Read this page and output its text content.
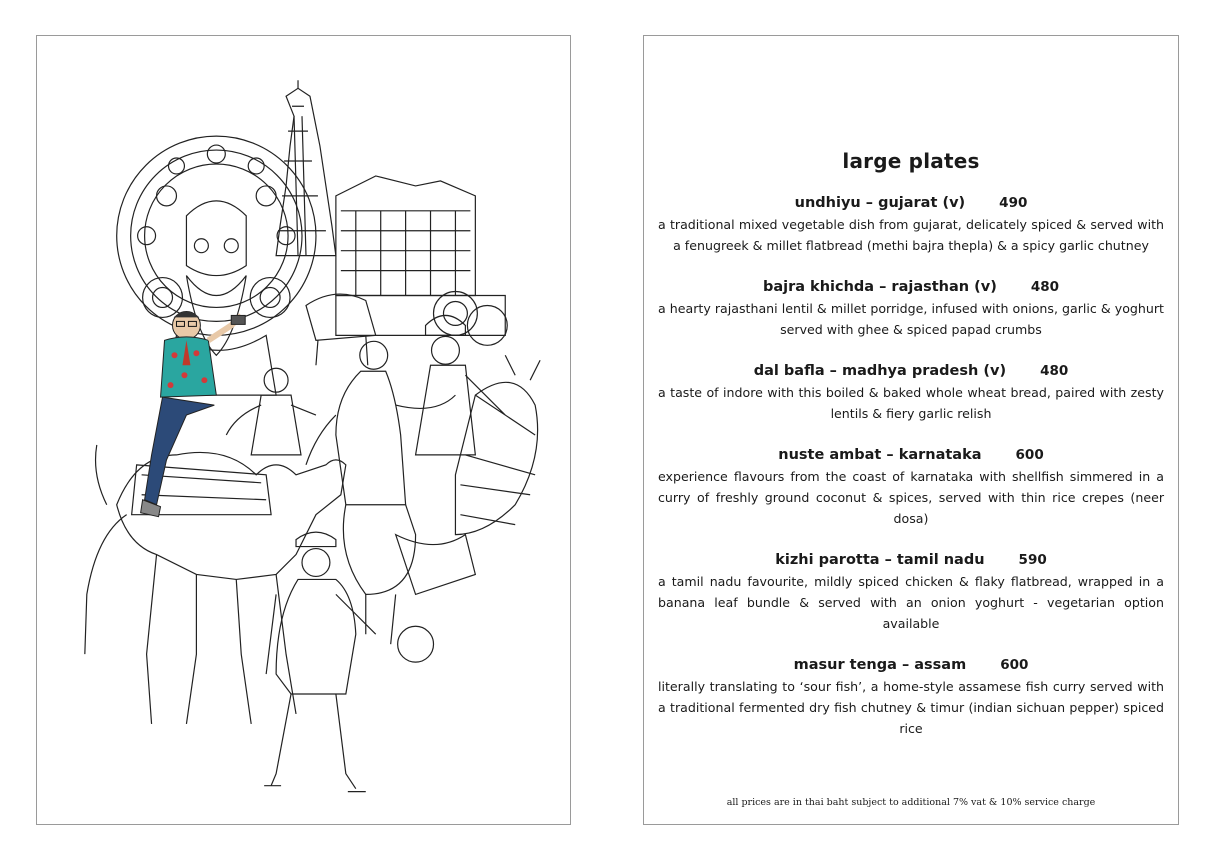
large plates
undhiyu – gujarat (v)	490
a traditional mixed vegetable dish from gujarat, delicately spiced & served with a fenugreek & millet flatbread (methi bajra thepla) & a spicy garlic chutney
bajra khichda – rajasthan (v)	480
a hearty rajasthani lentil & millet porridge, infused with onions, garlic & yoghurt served with ghee & spiced papad crumbs
dal bafla – madhya pradesh (v)	480
a taste of indore with this boiled & baked whole wheat bread, paired with zesty lentils & fiery garlic relish
nuste ambat – karnataka	600
experience flavours from the coast of karnataka with shellfish simmered in a curry of freshly ground coconut & spices, served with thin rice crepes (neer dosa)
kizhi parotta – tamil nadu	590
a tamil nadu favourite, mildly spiced chicken & flaky flatbread, wrapped in a banana leaf bundle & served with an onion yoghurt - vegetarian option available
masur tenga – assam	600
literally translating to ‘sour fish’, a home-style assamese fish curry served with a traditional fermented dry fish chutney & timur (indian sichuan pepper) spiced rice
all prices are in thai baht subject to additional 7% vat & 10% service charge
